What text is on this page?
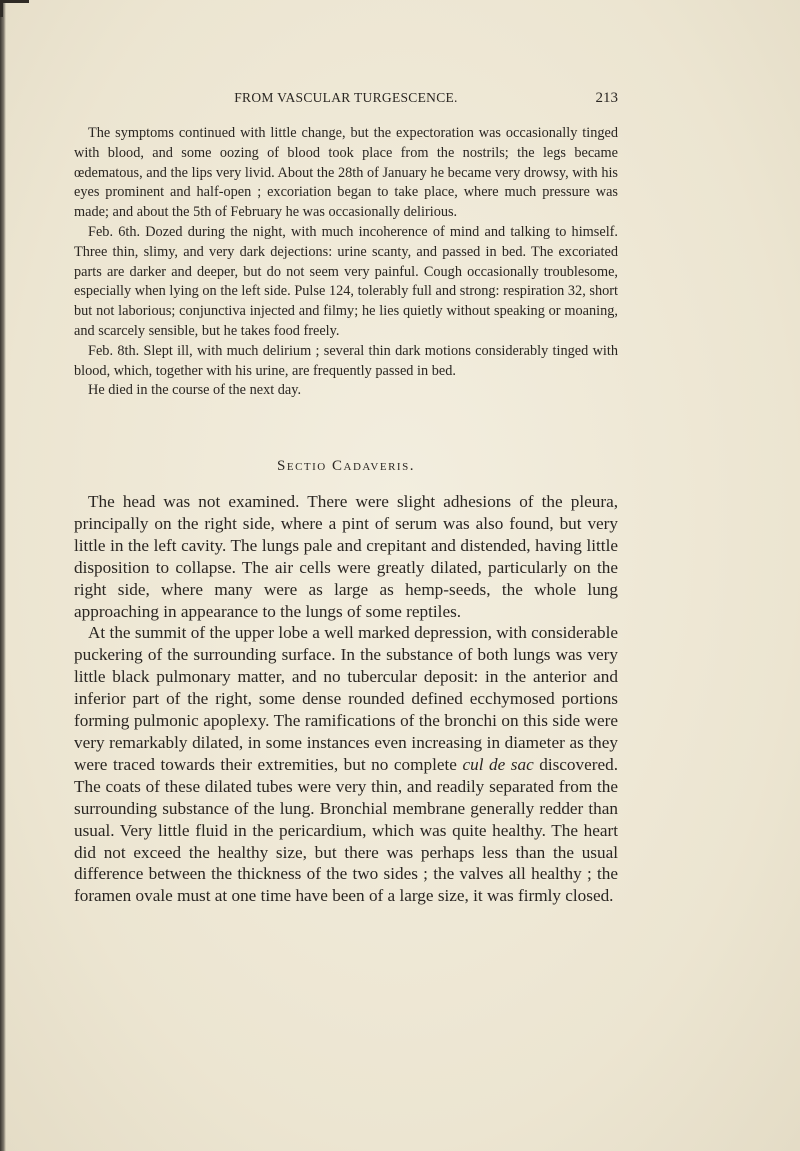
FROM VASCULAR TURGESCENCE.	213

The symptoms continued with little change, but the expectoration was occasionally tinged with blood, and some oozing of blood took place from the nostrils; the legs became œdematous, and the lips very livid. About the 28th of January he became very drowsy, with his eyes prominent and half-open ; excoriation began to take place, where much pressure was made; and about the 5th of February he was occasionally delirious.

Feb. 6th. Dozed during the night, with much incoherence of mind and talking to himself. Three thin, slimy, and very dark dejections: urine scanty, and passed in bed. The excoriated parts are darker and deeper, but do not seem very painful. Cough occasionally troublesome, especially when lying on the left side. Pulse 124, tolerably full and strong: respiration 32, short but not laborious; conjunctiva injected and filmy; he lies quietly without speaking or moaning, and scarcely sensible, but he takes food freely.

Feb. 8th. Slept ill, with much delirium ; several thin dark motions considerably tinged with blood, which, together with his urine, are frequently passed in bed.

He died in the course of the next day.

Sectio Cadaveris.

The head was not examined. There were slight adhesions of the pleura, principally on the right side, where a pint of serum was also found, but very little in the left cavity. The lungs pale and crepitant and distended, having little disposition to collapse. The air cells were greatly dilated, particularly on the right side, where many were as large as hemp-seeds, the whole lung approaching in appearance to the lungs of some reptiles.

At the summit of the upper lobe a well marked depression, with considerable puckering of the surrounding surface. In the substance of both lungs was very little black pulmonary matter, and no tubercular deposit: in the anterior and inferior part of the right, some dense rounded defined ecchymosed portions forming pulmonic apoplexy. The ramifications of the bronchi on this side were very remarkably dilated, in some instances even increasing in diameter as they were traced towards their extremities, but no complete cul de sac discovered. The coats of these dilated tubes were very thin, and readily separated from the surrounding substance of the lung. Bronchial membrane generally redder than usual. Very little fluid in the pericardium, which was quite healthy. The heart did not exceed the healthy size, but there was perhaps less than the usual difference between the thickness of the two sides ; the valves all healthy ; the foramen ovale must at one time have been of a large size, it was firmly closed.
